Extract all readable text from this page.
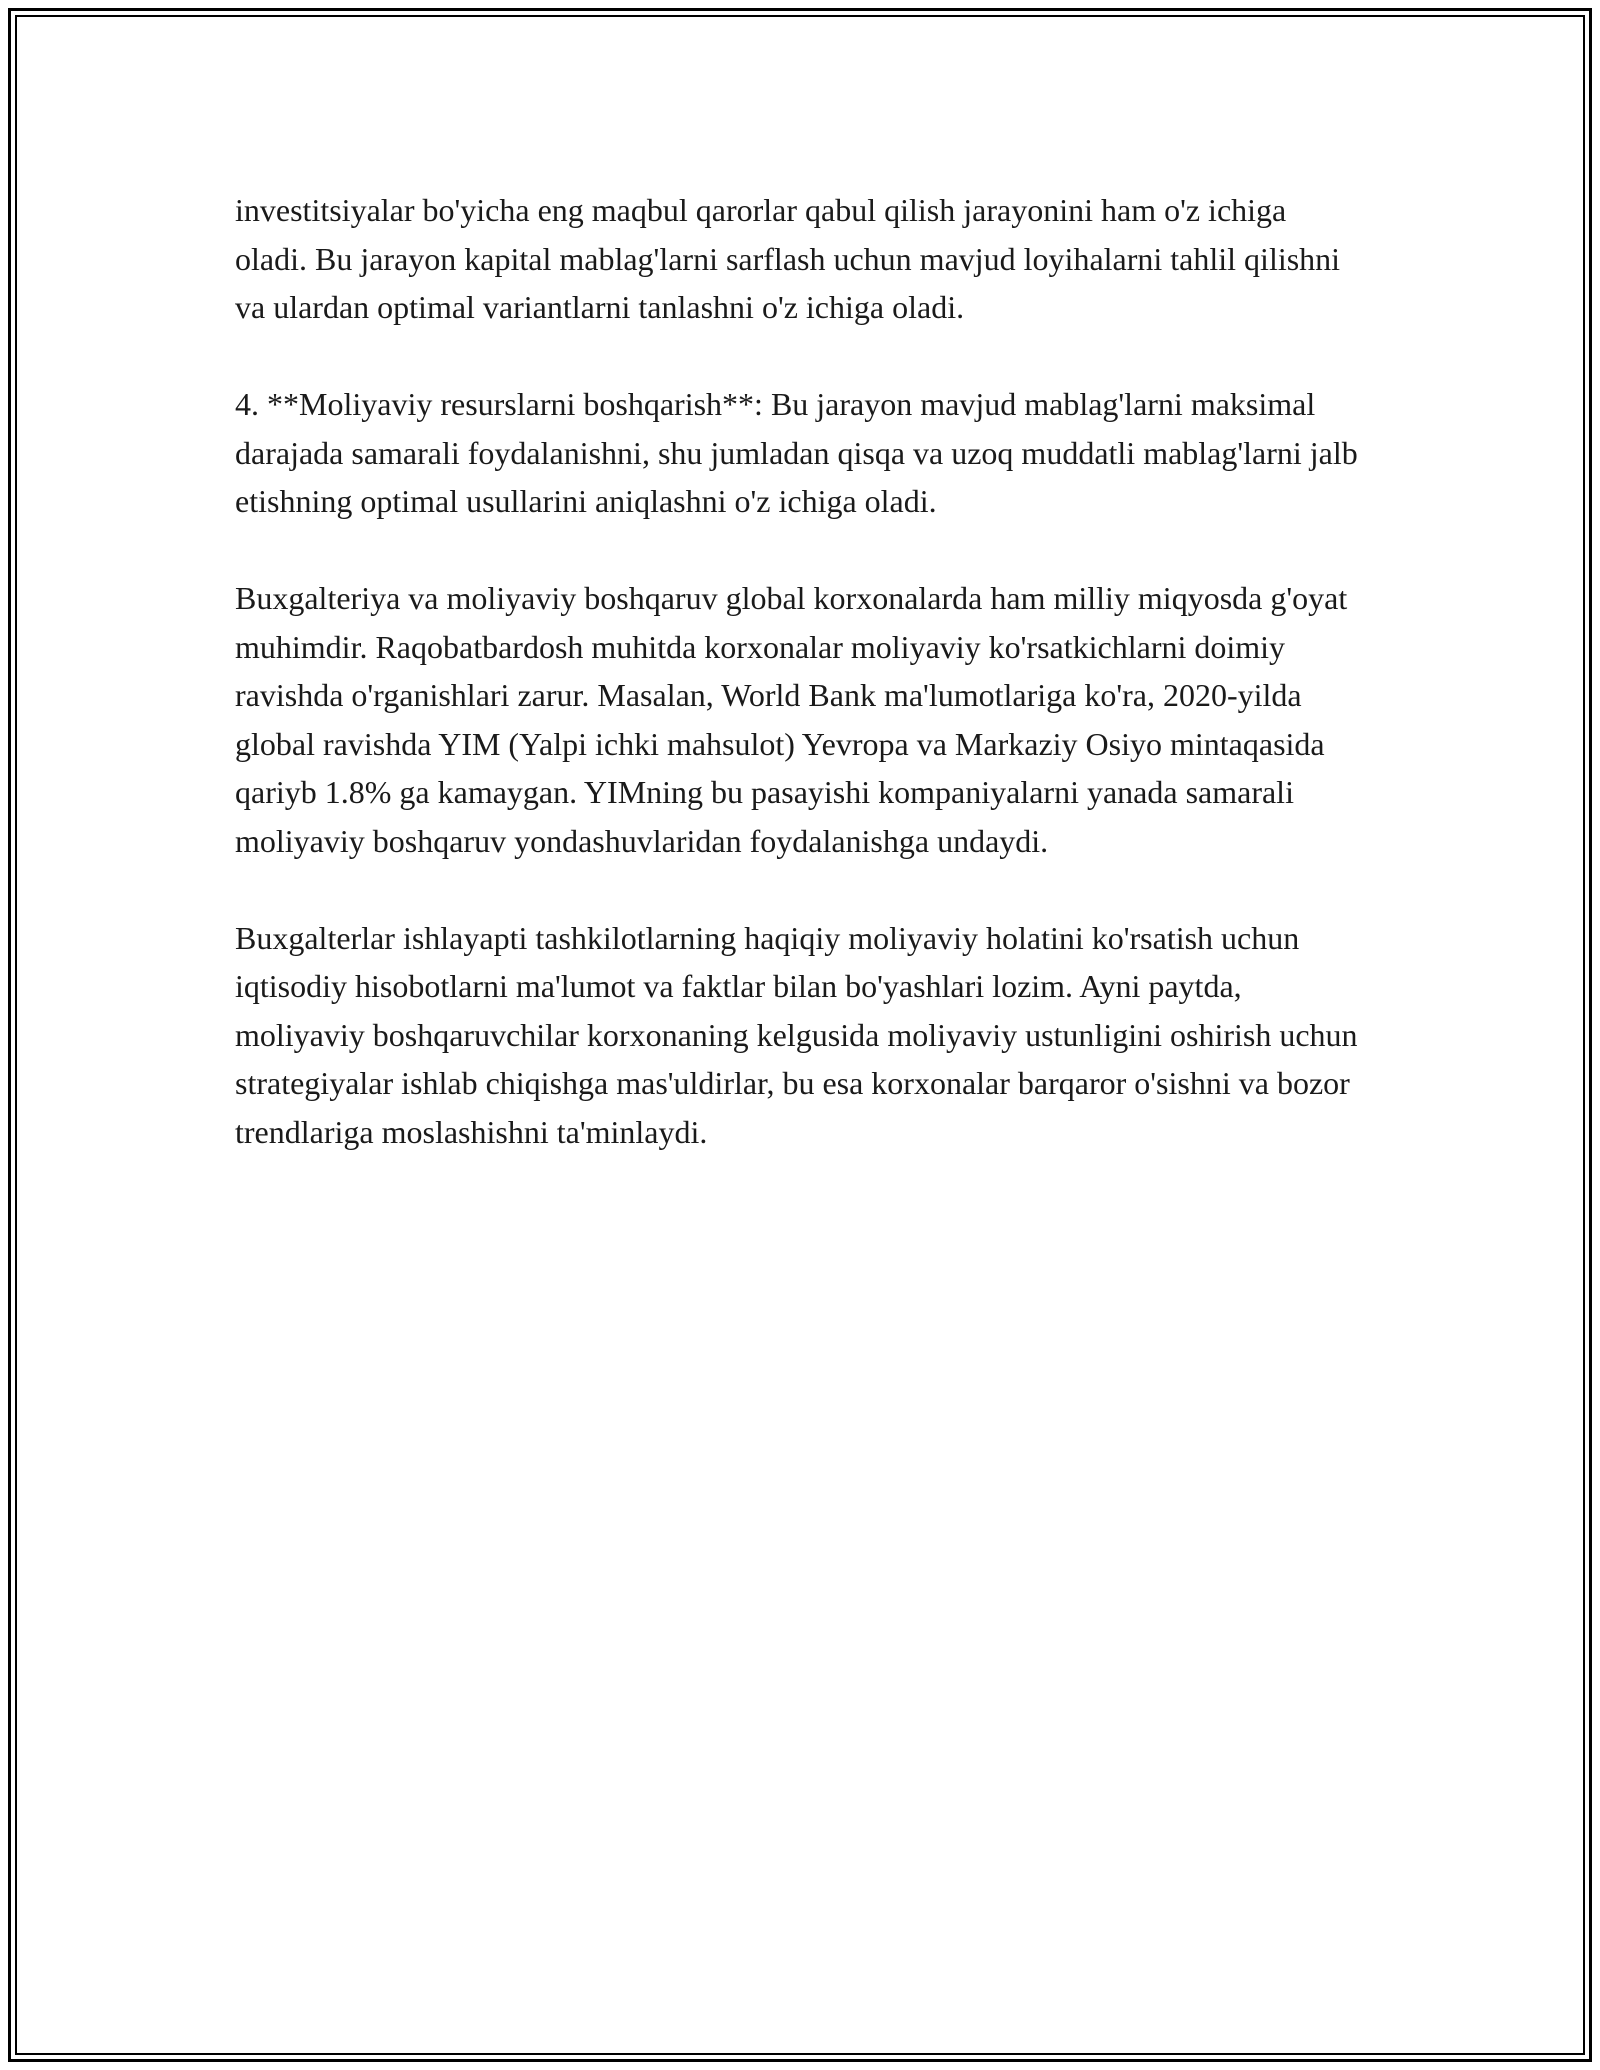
investitsiyalar bo'yicha eng maqbul qarorlar qabul qilish jarayonini ham o'z ichiga oladi. Bu jarayon kapital mablag'larni sarflash uchun mavjud loyihalarni tahlil qilishni va ulardan optimal variantlarni tanlashni o'z ichiga oladi.

4. **Moliyaviy resurslarni boshqarish**: Bu jarayon mavjud mablag'larni maksimal darajada samarali foydalanishni, shu jumladan qisqa va uzoq muddatli mablag'larni jalb etishning optimal usullarini aniqlashni o'z ichiga oladi.

Buxgalteriya va moliyaviy boshqaruv global korxonalarda ham milliy miqyosda g'oyat muhimdir. Raqobatbardosh muhitda korxonalar moliyaviy ko'rsatkichlarni doimiy ravishda o'rganishlari zarur. Masalan, World Bank ma'lumotlariga ko'ra, 2020-yilda global ravishda YIM (Yalpi ichki mahsulot) Yevropa va Markaziy Osiyo mintaqasida qariyb 1.8% ga kamaygan. YIMning bu pasayishi kompaniyalarni yanada samarali moliyaviy boshqaruv yondashuvlaridan foydalanishga undaydi.

Buxgalterlar ishlayapti tashkilotlarning haqiqiy moliyaviy holatini ko'rsatish uchun iqtisodiy hisobotlarni ma'lumot va faktlar bilan bo'yashlari lozim. Ayni paytda, moliyaviy boshqaruvchilar korxonaning kelgusida moliyaviy ustunligini oshirish uchun strategiyalar ishlab chiqishga mas'uldirlar, bu esa korxonalar barqaror o'sishni va bozor trendlariga moslashishni ta'minlaydi.
